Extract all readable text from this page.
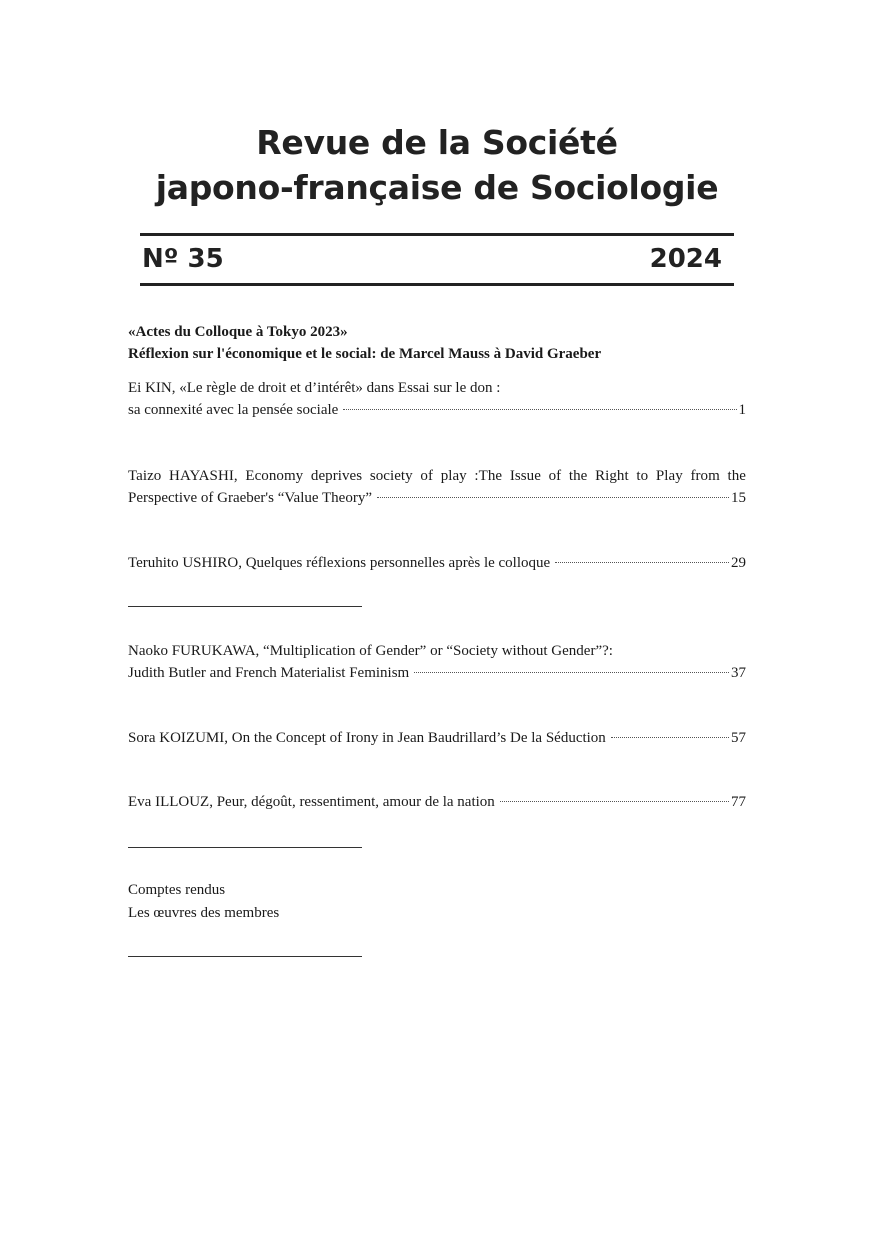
Revue de la Société
japono-française de Sociologie
Nº 35	2024
«Actes du Colloque à Tokyo 2023»
Réflexion sur l'économique et le social: de Marcel Mauss à David Graeber
Ei KIN, «Le règle de droit et d’intérêt» dans Essai sur le don :
sa connexité avec la pensée sociale	1
Taizo HAYASHI, Economy deprives society of play :The Issue of the Right to Play from the
Perspective of Graeber's “Value Theory”	15
Teruhito USHIRO, Quelques réflexions personnelles après le colloque	29
Naoko FURUKAWA, “Multiplication of Gender” or “Society without Gender”?:
Judith Butler and French Materialist Feminism	37
Sora KOIZUMI, On the Concept of Irony in Jean Baudrillard’s De la Séduction	57
Eva ILLOUZ, Peur, dégoût, ressentiment, amour de la nation	77
Comptes rendus
Les œuvres des membres
